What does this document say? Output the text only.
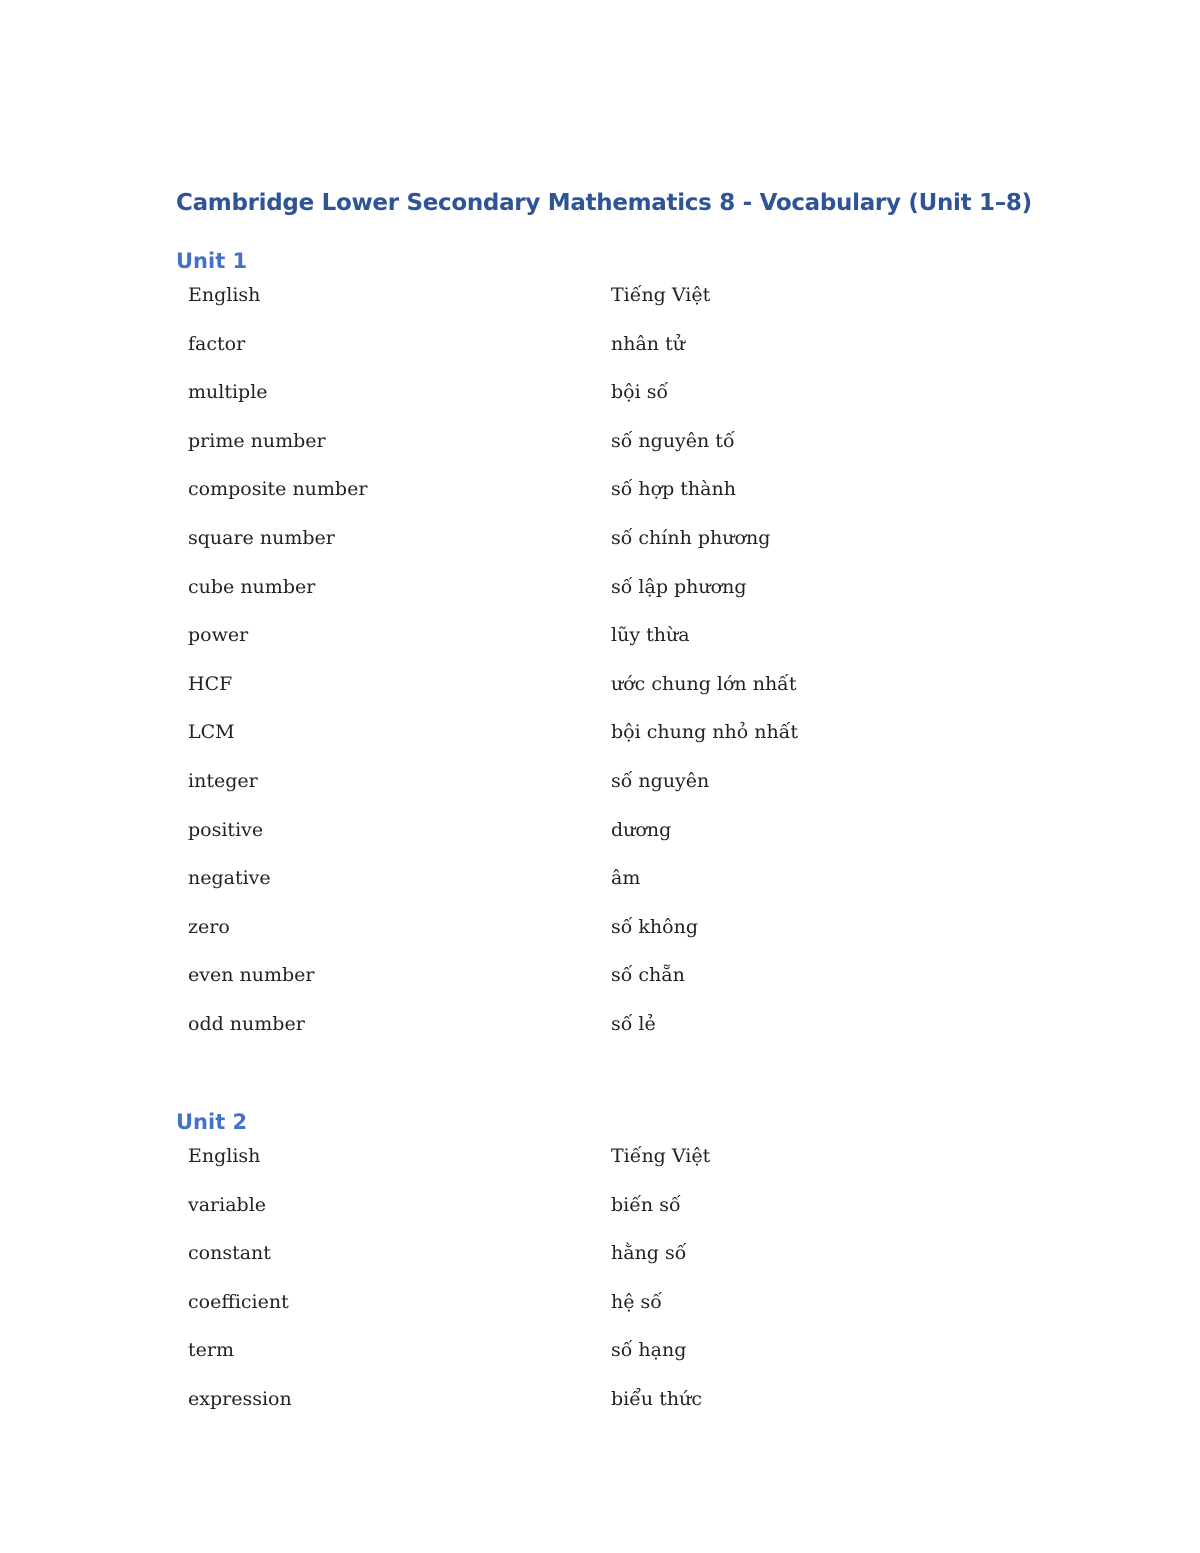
Cambridge Lower Secondary Mathematics 8 - Vocabulary (Unit 1–8)
Unit 1
English	Tiếng Việt
factor	nhân tử
multiple	bội số
prime number	số nguyên tố
composite number	số hợp thành
square number	số chính phương
cube number	số lập phương
power	lũy thừa
HCF	ước chung lớn nhất
LCM	bội chung nhỏ nhất
integer	số nguyên
positive	dương
negative	âm
zero	số không
even number	số chẵn
odd number	số lẻ
Unit 2
English	Tiếng Việt
variable	biến số
constant	hằng số
coefficient	hệ số
term	số hạng
expression	biểu thức
